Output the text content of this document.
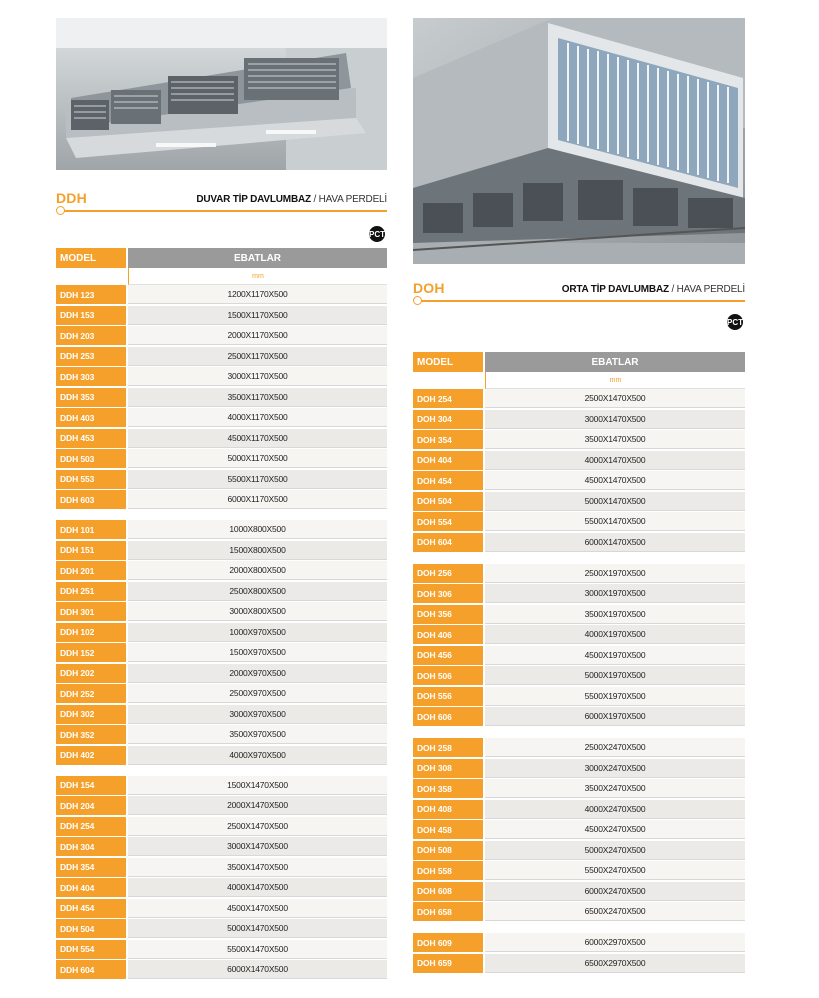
DDH	DUVAR TİP DAVLUMBAZ / HAVA PERDELİ
PCT
DOH	ORTA TİP DAVLUMBAZ / HAVA PERDELİ
PCT
MODEL	EBATLAR
mm
DDH 123	1200X1170X500
DDH 153	1500X1170X500
DDH 203	2000X1170X500
DDH 253	2500X1170X500
DDH 303	3000X1170X500
DDH 353	3500X1170X500
DDH 403	4000X1170X500
DDH 453	4500X1170X500
DDH 503	5000X1170X500
DDH 553	5500X1170X500
DDH 603	6000X1170X500
DDH 101	1000X800X500
DDH 151	1500X800X500
DDH 201	2000X800X500
DDH 251	2500X800X500
DDH 301	3000X800X500
DDH 102	1000X970X500
DDH 152	1500X970X500
DDH 202	2000X970X500
DDH 252	2500X970X500
DDH 302	3000X970X500
DDH 352	3500X970X500
DDH 402	4000X970X500
DDH 154	1500X1470X500
DDH 204	2000X1470X500
DDH 254	2500X1470X500
DDH 304	3000X1470X500
DDH 354	3500X1470X500
DDH 404	4000X1470X500
DDH 454	4500X1470X500
DDH 504	5000X1470X500
DDH 554	5500X1470X500
DDH 604	6000X1470X500
MODEL	EBATLAR
mm
DOH 254	2500X1470X500
DOH 304	3000X1470X500
DOH 354	3500X1470X500
DOH 404	4000X1470X500
DOH 454	4500X1470X500
DOH 504	5000X1470X500
DOH 554	5500X1470X500
DOH 604	6000X1470X500
DOH 256	2500X1970X500
DOH 306	3000X1970X500
DOH 356	3500X1970X500
DOH 406	4000X1970X500
DOH 456	4500X1970X500
DOH 506	5000X1970X500
DOH 556	5500X1970X500
DOH 606	6000X1970X500
DOH 258	2500X2470X500
DOH 308	3000X2470X500
DOH 358	3500X2470X500
DOH 408	4000X2470X500
DOH 458	4500X2470X500
DOH 508	5000X2470X500
DOH 558	5500X2470X500
DOH 608	6000X2470X500
DOH 658	6500X2470X500
DOH 609	6000X2970X500
DOH 659	6500X2970X500
